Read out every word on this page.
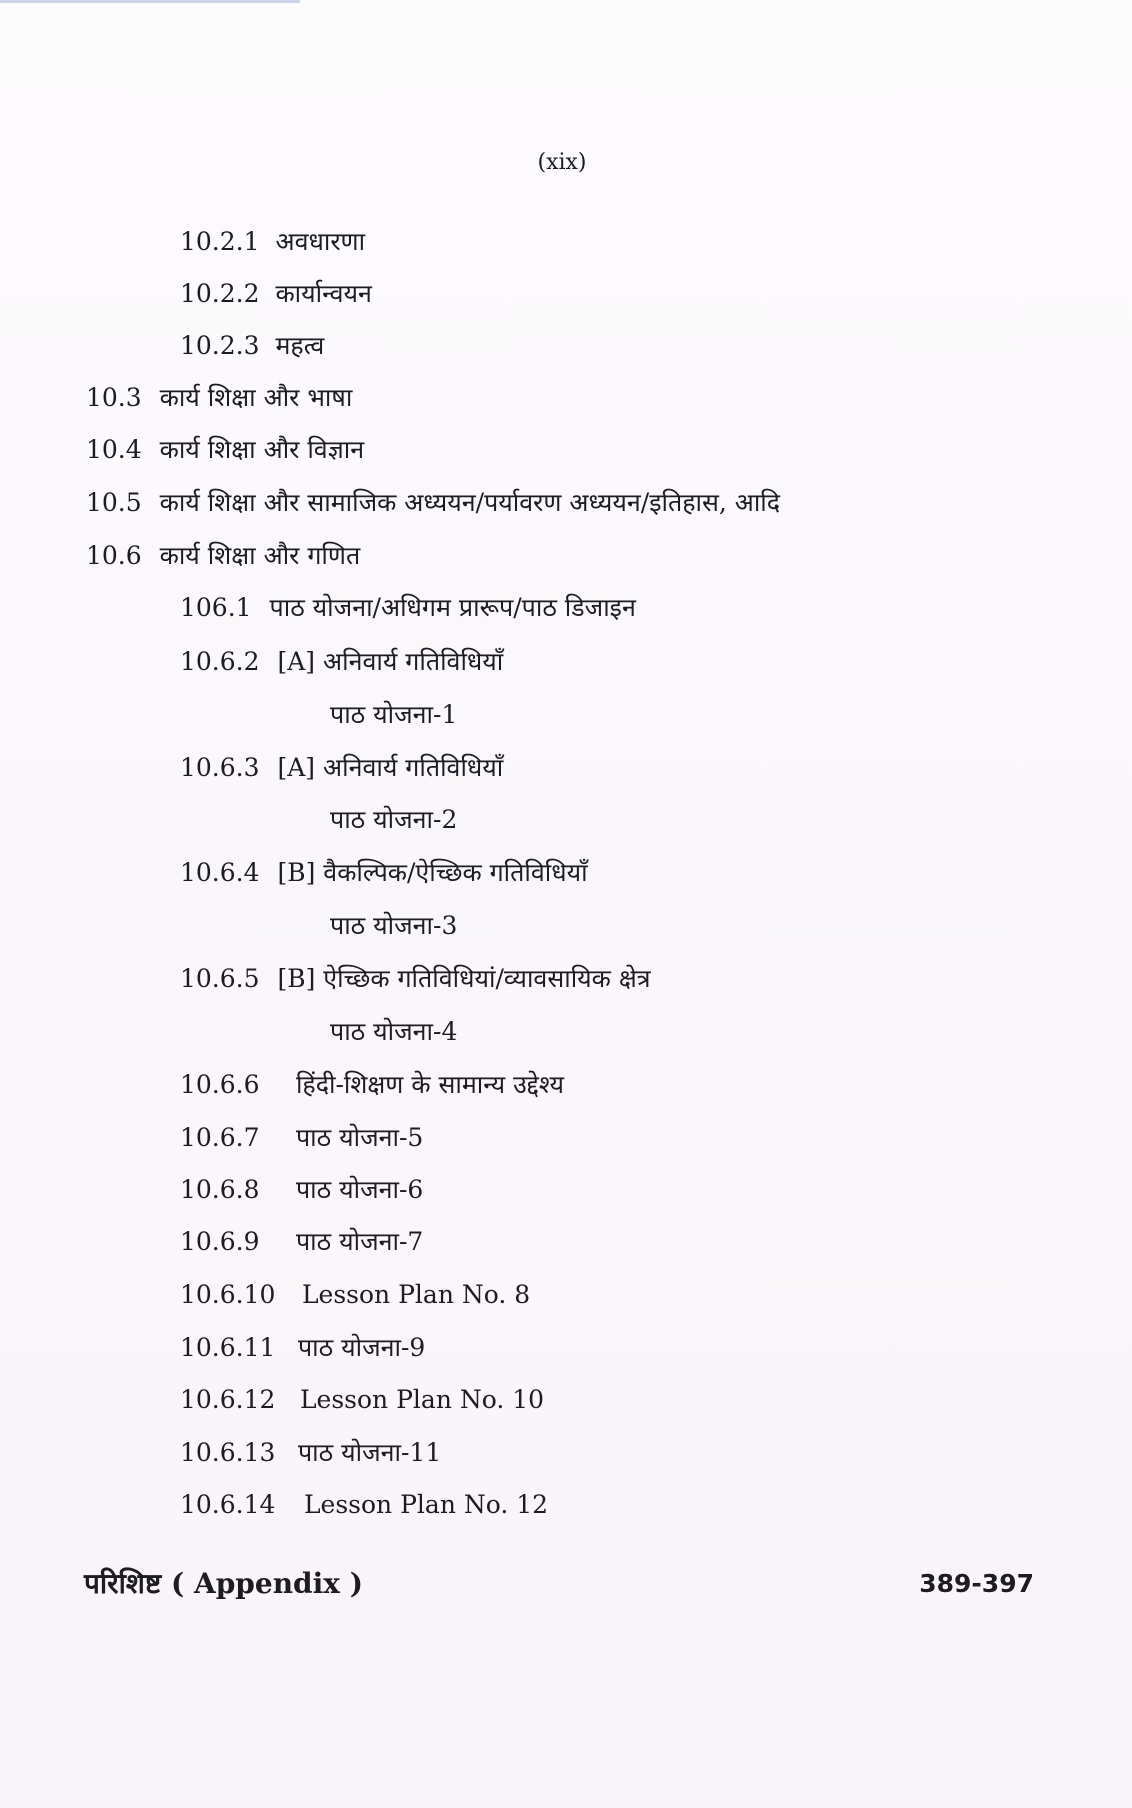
(xix)
10.2.1 अवधारणा
10.2.2 कार्यान्वयन
10.2.3 महत्व
10.3 कार्य शिक्षा और भाषा
10.4 कार्य शिक्षा और विज्ञान
10.5 कार्य शिक्षा और सामाजिक अध्ययन/पर्यावरण अध्ययन/इतिहास, आदि
10.6 कार्य शिक्षा और गणित
106.1 पाठ योजना/अधिगम प्रारूप/पाठ डिजाइन
10.6.2 [A] अनिवार्य गतिविधियाँ
पाठ योजना-1
10.6.3 [A] अनिवार्य गतिविधियाँ
पाठ योजना-2
10.6.4 [B] वैकल्पिक/ऐच्छिक गतिविधियाँ
पाठ योजना-3
10.6.5 [B] ऐच्छिक गतिविधियां/व्यावसायिक क्षेत्र
पाठ योजना-4
10.6.6 हिंदी-शिक्षण के सामान्य उद्देश्य
10.6.7 पाठ योजना-5
10.6.8 पाठ योजना-6
10.6.9 पाठ योजना-7
10.6.10 Lesson Plan No. 8
10.6.11 पाठ योजना-9
10.6.12 Lesson Plan No. 10
10.6.13 पाठ योजना-11
10.6.14 Lesson Plan No. 12
परिशिष्ट ( Appendix )	389-397
